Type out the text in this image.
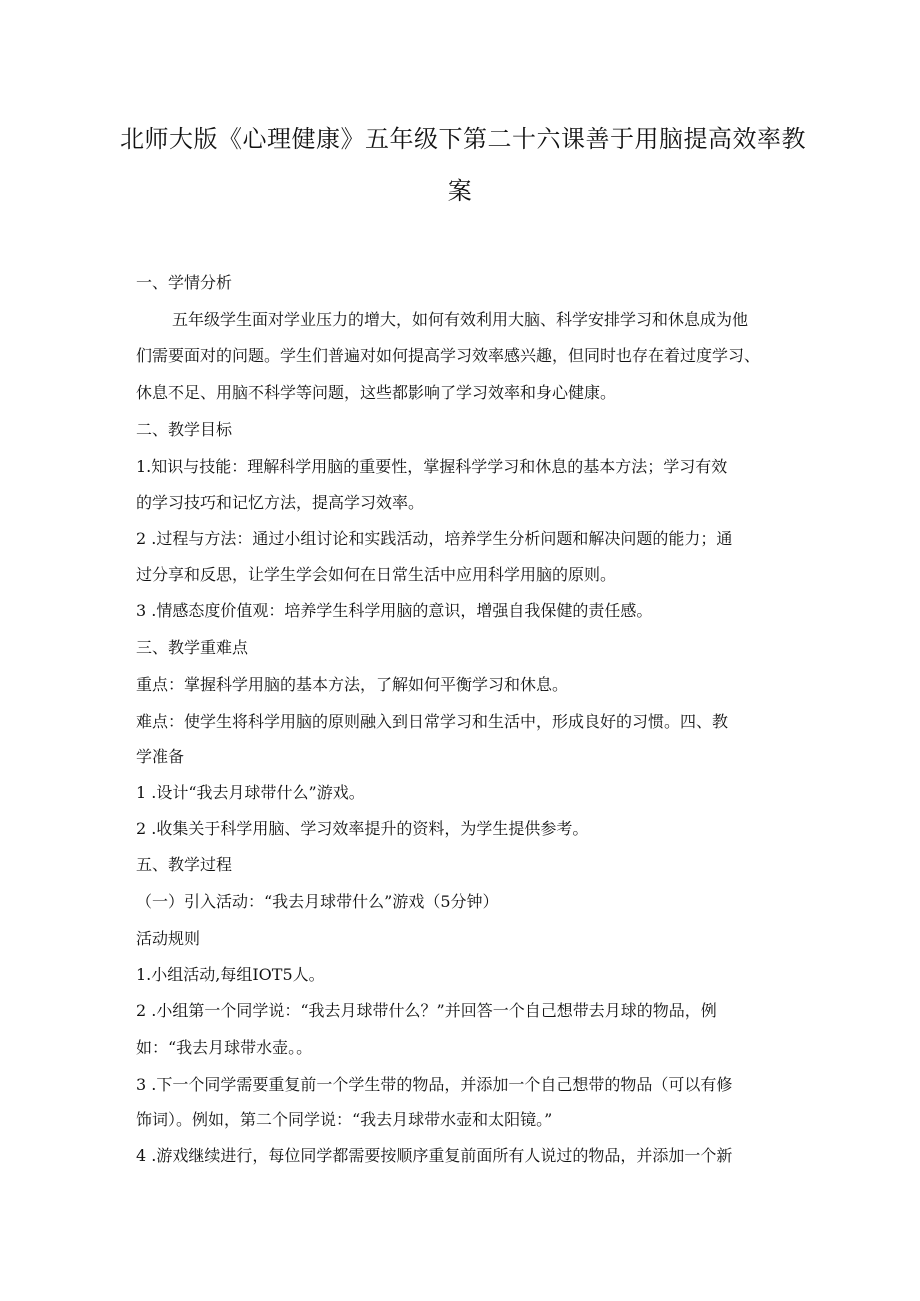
北师大版《心理健康》五年级下第二十六课善于用脑提高效率教
案
一、学情分析
五年级学生面对学业压力的增大，如何有效利用大脑、科学安排学习和休息成为他
们需要面对的问题。学生们普遍对如何提高学习效率感兴趣，但同时也存在着过度学习、
休息不足、用脑不科学等问题，这些都影响了学习效率和身心健康。
二、教学目标
1.知识与技能：理解科学用脑的重要性，掌握科学学习和休息的基本方法；学习有效
的学习技巧和记忆方法，提高学习效率。
2 .过程与方法：通过小组讨论和实践活动，培养学生分析问题和解决问题的能力；通
过分享和反思，让学生学会如何在日常生活中应用科学用脑的原则。
3 .情感态度价值观：培养学生科学用脑的意识，增强自我保健的责任感。
三、教学重难点
重点：掌握科学用脑的基本方法，了解如何平衡学习和休息。
难点：使学生将科学用脑的原则融入到日常学习和生活中，形成良好的习惯。四、教
学准备
1 .设计“我去月球带什么”游戏。
2 .收集关于科学用脑、学习效率提升的资料，为学生提供参考。
五、教学过程
（一）引入活动：“我去月球带什么”游戏（5分钟）
活动规则
1.小组活动,每组IOT5人。
2 .小组第一个同学说：“我去月球带什么？”并回答一个自己想带去月球的物品，例
如：“我去月球带水壶。。
3 .下一个同学需要重复前一个学生带的物品，并添加一个自己想带的物品（可以有修
饰词）。例如，第二个同学说：“我去月球带水壶和太阳镜。”
4 .游戏继续进行，每位同学都需要按顺序重复前面所有人说过的物品，并添加一个新
